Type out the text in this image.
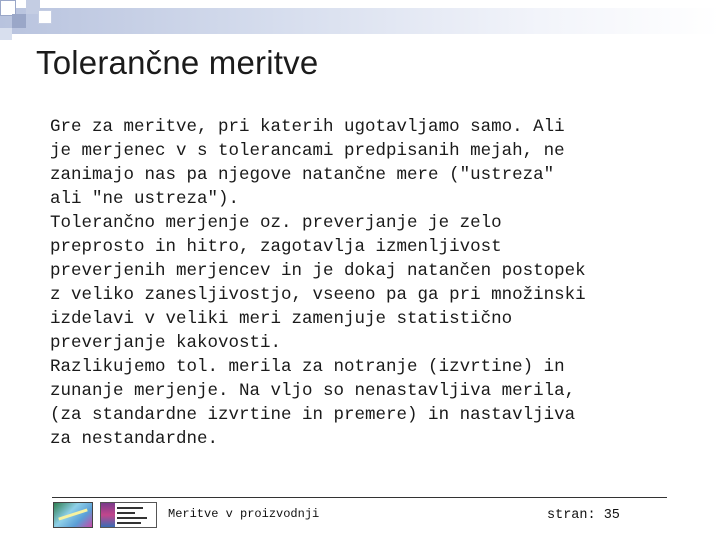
Tolerančne meritve

Gre za meritve, pri katerih ugotavljamo samo. Ali

je merjenec v s tolerancami predpisanih mejah, ne

zanimajo nas pa njegove natančne mere ("ustreza"

ali "ne ustreza").

Tolerančno merjenje oz. preverjanje je zelo

preprosto in hitro, zagotavlja izmenljivost

preverjenih merjencev in je dokaj natančen postopek

z veliko zanesljivostjo, vseeno pa ga pri množinski

izdelavi v veliki meri zamenjuje statistično

preverjanje kakovosti.

Razlikujemo tol. merila za notranje (izvrtine) in

zunanje merjenje. Na vljo so nenastavljiva merila,

(za standardne izvrtine in premere) in nastavljiva

za nestandardne.

Meritve v proizvodnji	stran: 35
